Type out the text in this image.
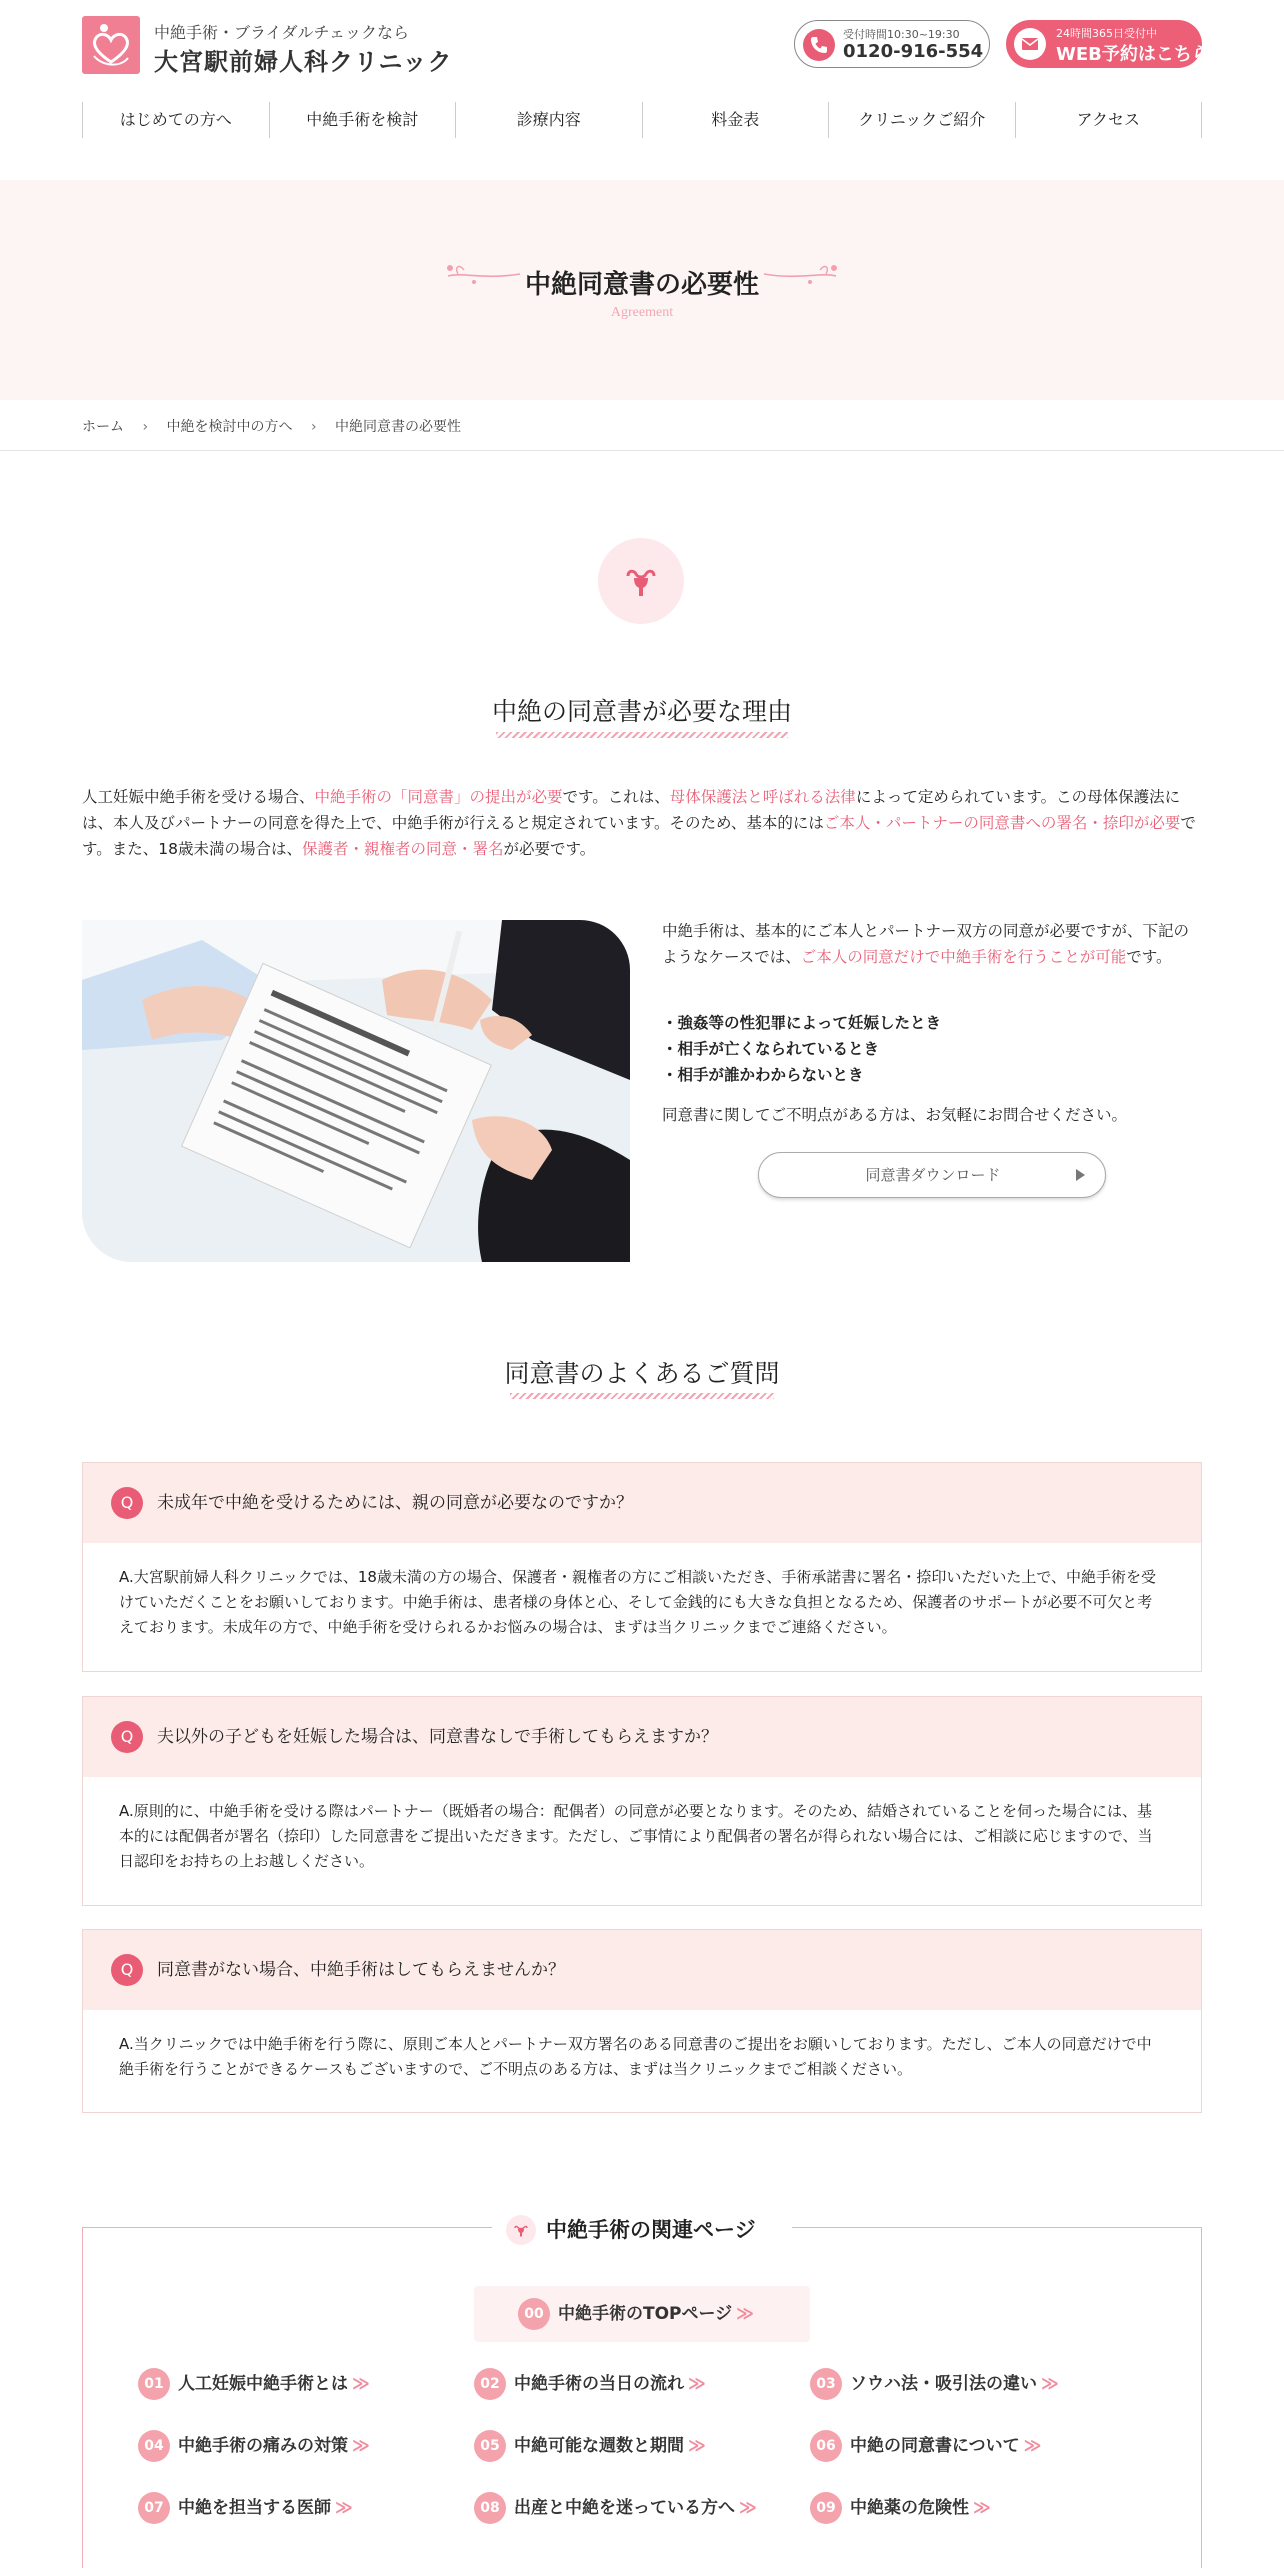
中絶手術・ブライダルチェックなら
大宮駅前婦人科クリニック
受付時間10:30~19:30
0120-916-554
24時間365日受付中
WEB予約はこちら
はじめての方へ	中絶手術を検討	診療内容	料金表	クリニックご紹介	アクセス
中絶同意書の必要性
Agreement
ホーム › 中絶を検討中の方へ › 中絶同意書の必要性
中絶の同意書が必要な理由

人工妊娠中絶手術を受ける場合、中絶手術の「同意書」の提出が必要です。これは、母体保護法と呼ばれる法律によって定められています。この母体保護法には、本人及びパートナーの同意を得た上で、中絶手術が行えると規定されています。そのため、基本的にはご本人・パートナーの同意書への署名・捺印が必要です。また、18歳未満の場合は、保護者・親権者の同意・署名が必要です。

中絶手術は、基本的にご本人とパートナー双方の同意が必要ですが、下記のようなケースでは、ご本人の同意だけで中絶手術を行うことが可能です。

・強姦等の性犯罪によって妊娠したとき
・相手が亡くなられているとき
・相手が誰かわからないとき

同意書に関してご不明点がある方は、お気軽にお問合せください。

同意書ダウンロード
同意書のよくあるご質問
Q	未成年で中絶を受けるためには、親の同意が必要なのですか？
A.大宮駅前婦人科クリニックでは、18歳未満の方の場合、保護者・親権者の方にご相談いただき、手術承諾書に署名・捺印いただいた上で、中絶手術を受けていただくことをお願いしております。中絶手術は、患者様の身体と心、そして金銭的にも大きな負担となるため、保護者のサポートが必要不可欠と考えております。未成年の方で、中絶手術を受けられるかお悩みの場合は、まずは当クリニックまでご連絡ください。
Q	夫以外の子どもを妊娠した場合は、同意書なしで手術してもらえますか？
A.原則的に、中絶手術を受ける際はパートナー（既婚者の場合：配偶者）の同意が必要となります。そのため、結婚されていることを伺った場合には、基本的には配偶者が署名（捺印）した同意書をご提出いただきます。ただし、ご事情により配偶者の署名が得られない場合には、ご相談に応じますので、当日認印をお持ちの上お越しください。
Q	同意書がない場合、中絶手術はしてもらえませんか？
A.当クリニックでは中絶手術を行う際に、原則ご本人とパートナー双方署名のある同意書のご提出をお願いしております。ただし、ご本人の同意だけで中絶手術を行うことができるケースもございますので、ご不明点のある方は、まずは当クリニックまでご相談ください。
中絶手術の関連ページ
00 中絶手術のTOPページ ≫
01 人工妊娠中絶手術とは ≫	02 中絶手術の当日の流れ ≫	03 ソウハ法・吸引法の違い ≫
04 中絶手術の痛みの対策 ≫	05 中絶可能な週数と期間 ≫	06 中絶の同意書について ≫
07 中絶を担当する医師 ≫	08 出産と中絶を迷っている方へ ≫	09 中絶薬の危険性 ≫
